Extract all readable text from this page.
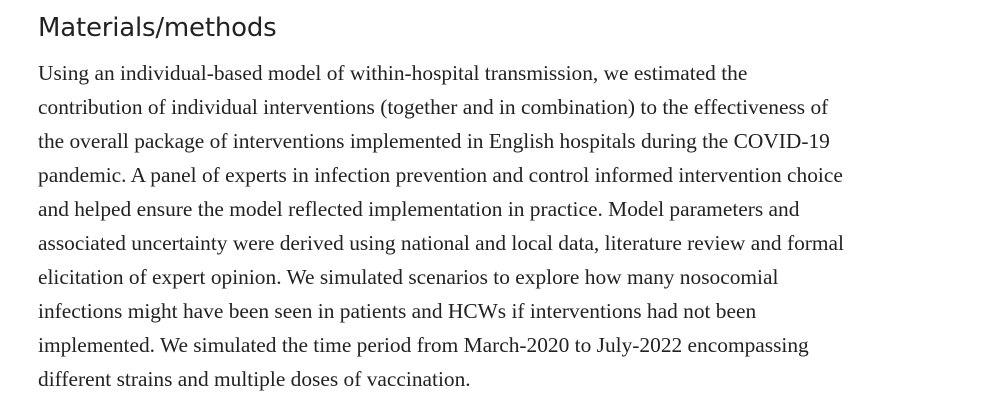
Materials/methods

Using an individual-based model of within-hospital transmission, we estimated the
contribution of individual interventions (together and in combination) to the effectiveness of
the overall package of interventions implemented in English hospitals during the COVID-19
pandemic. A panel of experts in infection prevention and control informed intervention choice
and helped ensure the model reflected implementation in practice. Model parameters and
associated uncertainty were derived using national and local data, literature review and formal
elicitation of expert opinion. We simulated scenarios to explore how many nosocomial
infections might have been seen in patients and HCWs if interventions had not been
implemented. We simulated the time period from March-2020 to July-2022 encompassing
different strains and multiple doses of vaccination.
